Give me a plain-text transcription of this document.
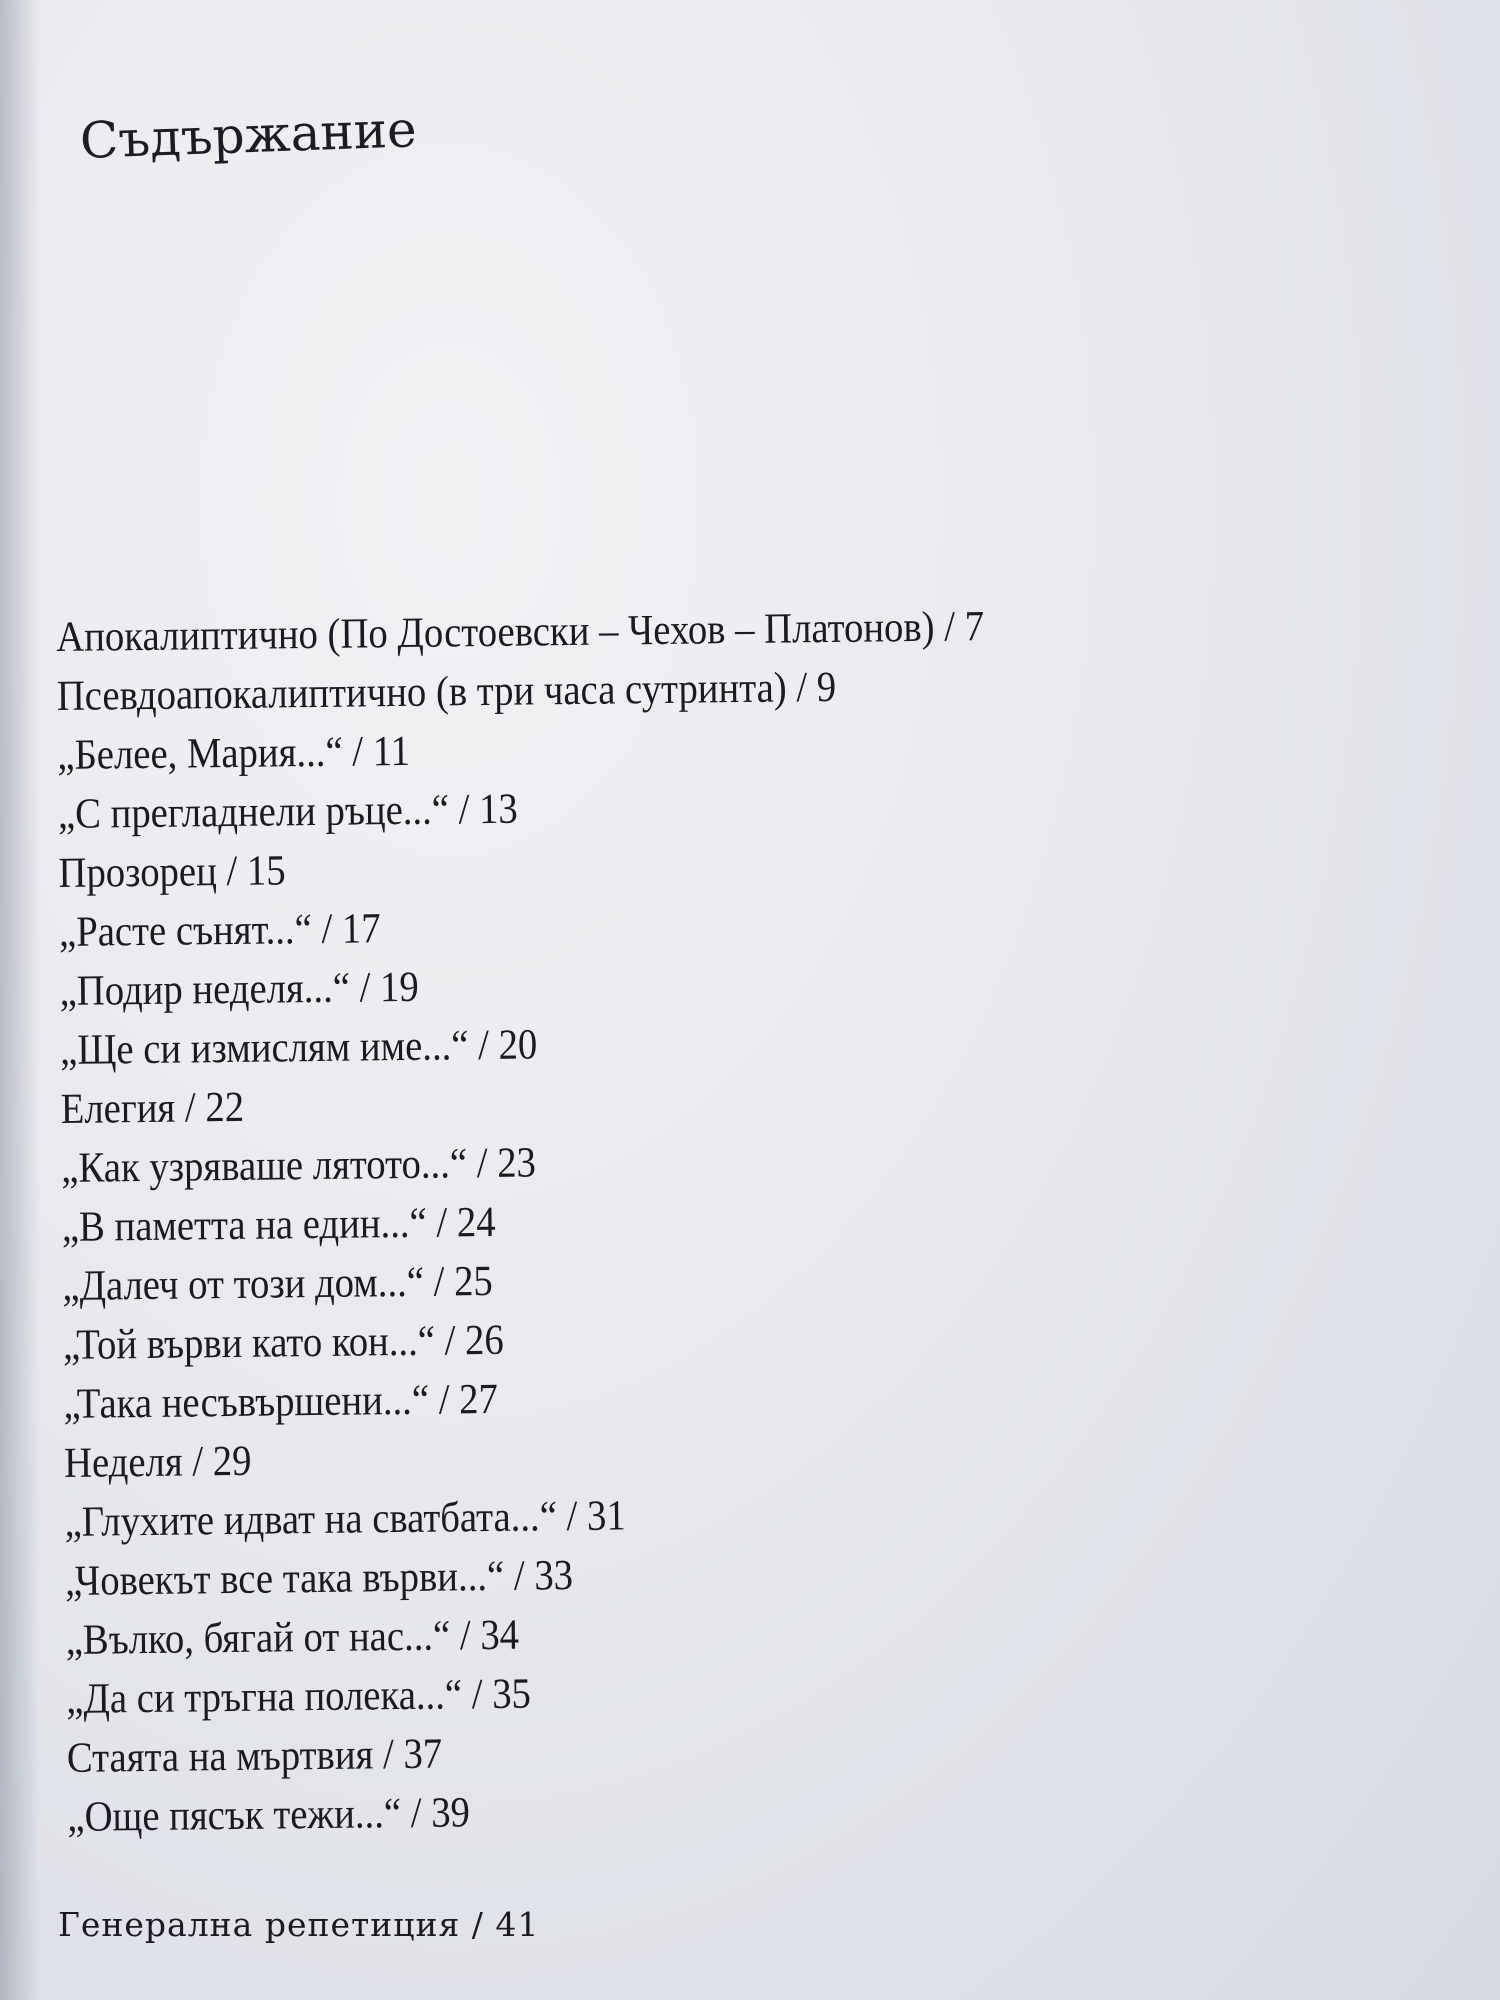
Съдържание
Апокалиптично (По Достоевски – Чехов – Платонов) / 7
Псевдоапокалиптично (в три часа сутринта) / 9
„Белее, Мария...“ / 11
„С прегладнели ръце...“ / 13
Прозорец / 15
„Расте сънят...“ / 17
„Подир неделя...“ / 19
„Ще си измислям име...“ / 20
Елегия / 22
„Как узряваше лятото...“ / 23
„В паметта на един...“ / 24
„Далеч от този дом...“ / 25
„Той върви като кон...“ / 26
„Така несъвършени...“ / 27
Неделя / 29
„Глухите идват на сватбата...“ / 31
„Човекът все така върви...“ / 33
„Вълко, бягай от нас...“ / 34
„Да си тръгна полека...“ / 35
Стаята на мъртвия / 37
„Още пясък тежи...“ / 39

Генерална репетиция / 41
